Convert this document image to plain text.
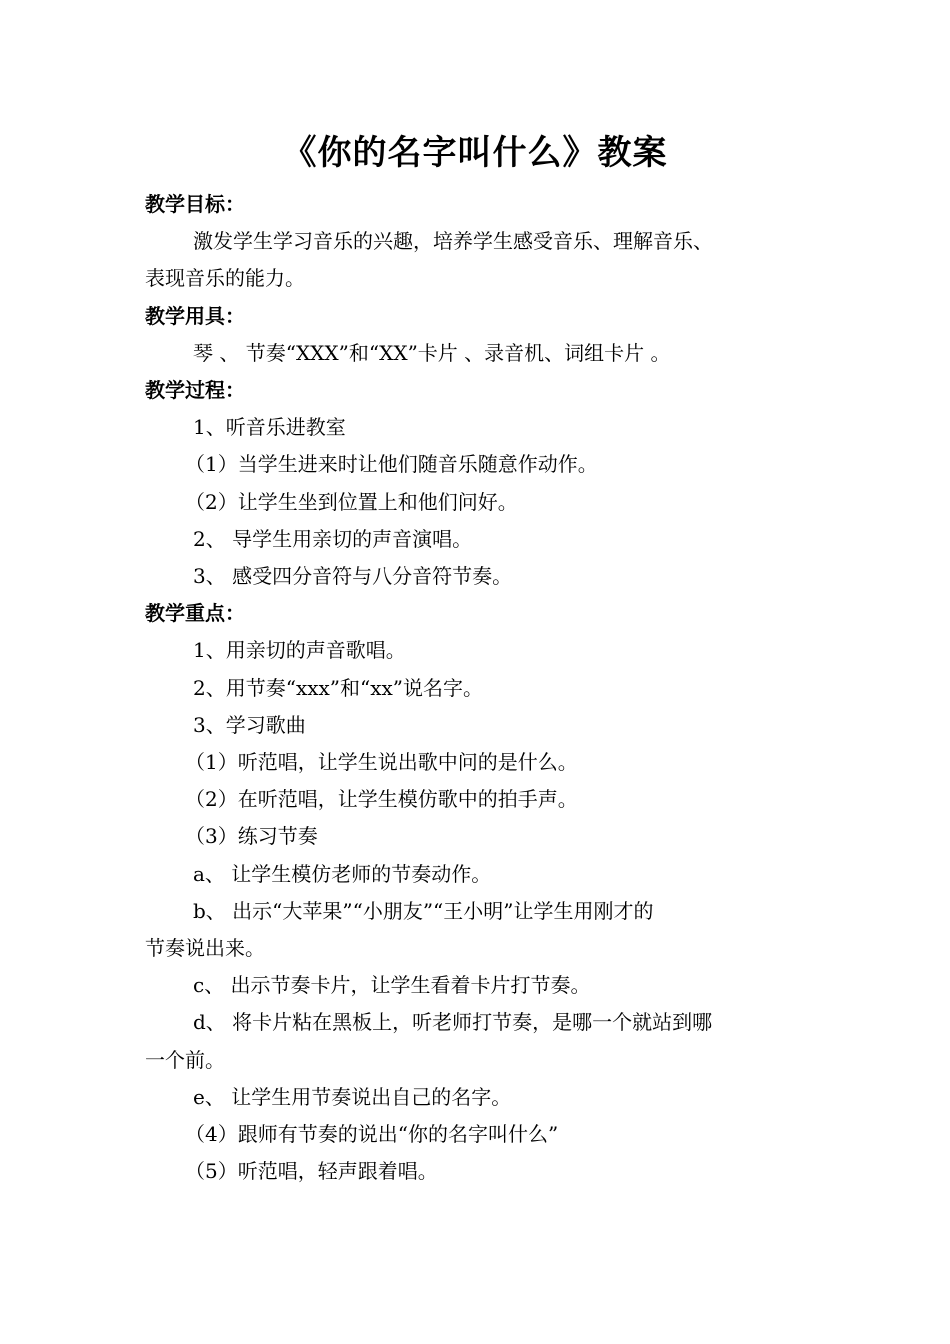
《你的名字叫什么》教案
教学目标：
激发学生学习音乐的兴趣，培养学生感受音乐、理解音乐、
表现音乐的能力。
教学用具：
琴 、 节奏“XXX”和“XX”卡片 、录音机、词组卡片 。
教学过程：
1、听音乐进教室
（1）当学生进来时让他们随音乐随意作动作。
（2）让学生坐到位置上和他们问好。
2、 导学生用亲切的声音演唱。
3、 感受四分音符与八分音符节奏。
教学重点：
1、用亲切的声音歌唱。
2、用节奏“xxx”和“xx”说名字。
3、学习歌曲
（1）听范唱，让学生说出歌中问的是什么。
（2）在听范唱，让学生模仿歌中的拍手声。
（3）练习节奏
a、 让学生模仿老师的节奏动作。
b、 出示“大苹果”“小朋友”“王小明”让学生用刚才的
节奏说出来。
c、 出示节奏卡片，让学生看着卡片打节奏。
d、 将卡片粘在黑板上，听老师打节奏，是哪一个就站到哪
一个前。
e、 让学生用节奏说出自己的名字。
（4）跟师有节奏的说出“你的名字叫什么”
（5）听范唱，轻声跟着唱。
